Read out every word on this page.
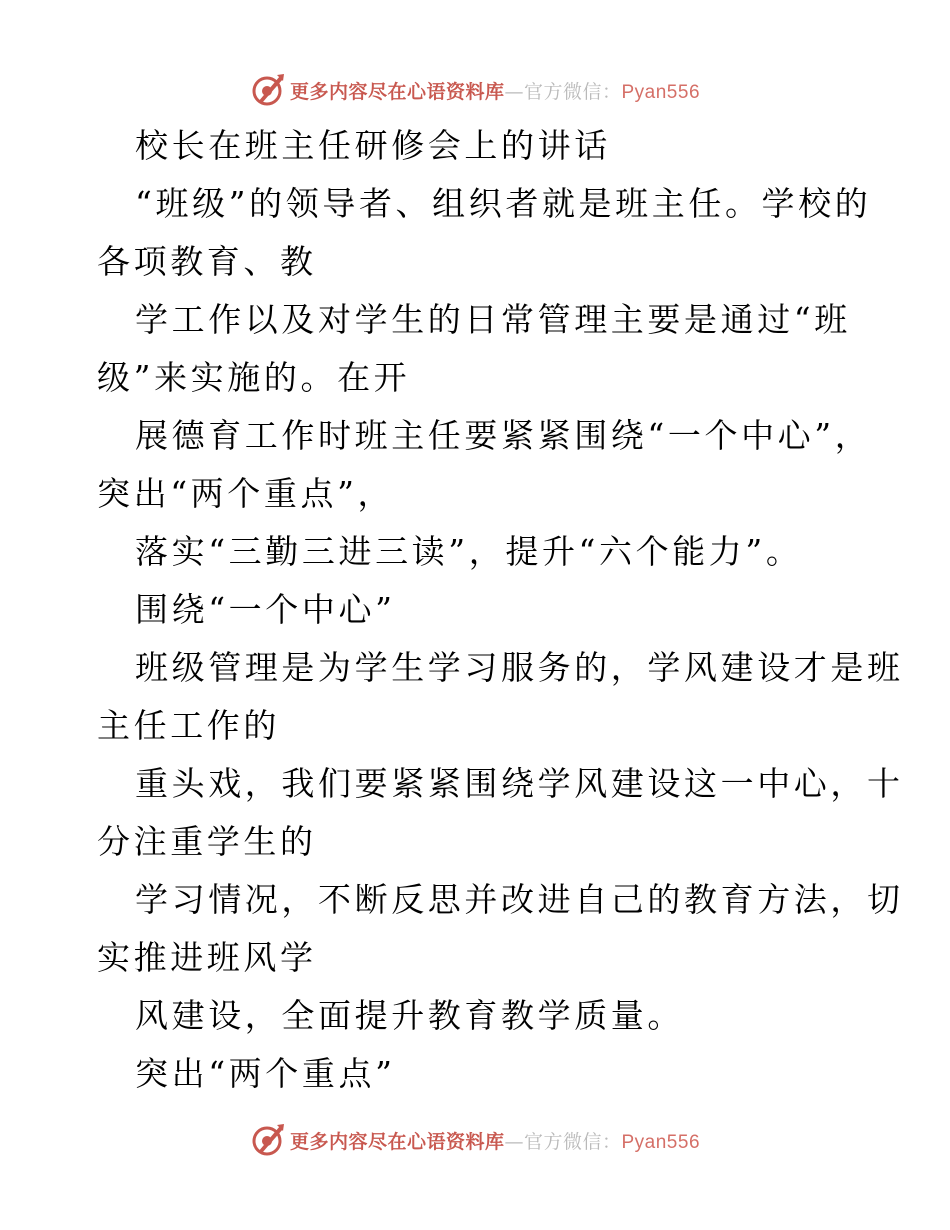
更多内容尽在心语资料库—官方微信：Pyan556
校长在班主任研修会上的讲话
“班级”的领导者、组织者就是班主任。学校的
各项教育、教
学工作以及对学生的日常管理主要是通过“班
级”来实施的。在开
展德育工作时班主任要紧紧围绕“一个中心”，
突出“两个重点”，
落实“三勤三进三读”，提升“六个能力”。
围绕“一个中心”
班级管理是为学生学习服务的，学风建设才是班
主任工作的
重头戏，我们要紧紧围绕学风建设这一中心，十
分注重学生的
学习情况，不断反思并改进自己的教育方法，切
实推进班风学
风建设，全面提升教育教学质量。
突出“两个重点”
更多内容尽在心语资料库—官方微信：Pyan556
